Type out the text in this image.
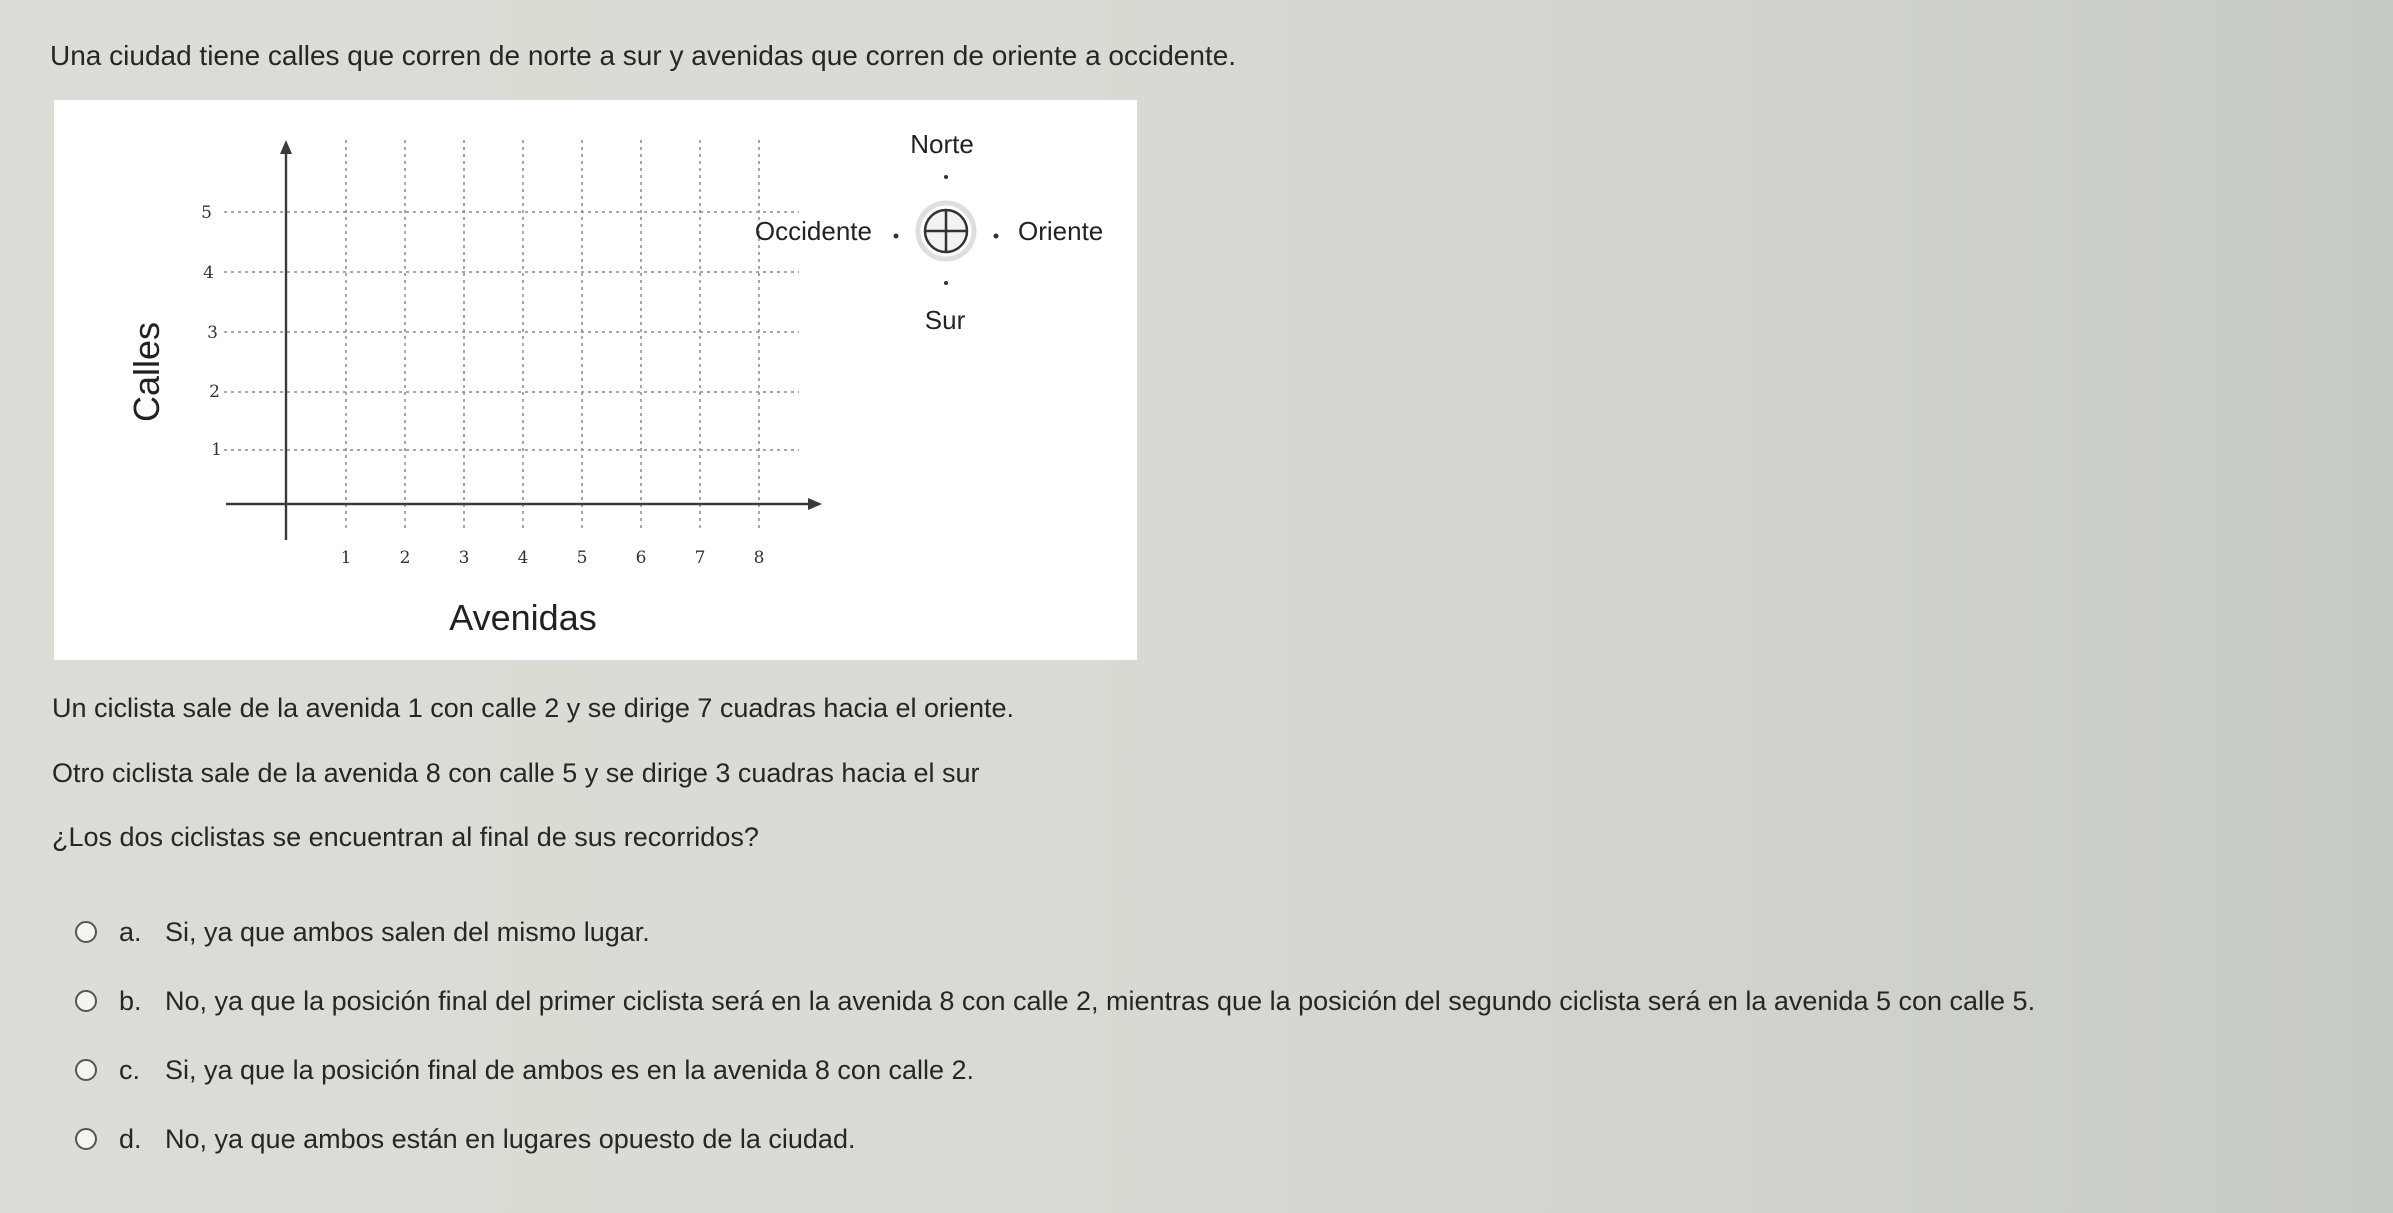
Una ciudad tiene calles que corren de norte a sur y avenidas que corren de oriente a occidente.

5
4
3
2
1
1	2	3	4	5	6	7	8
Calles
Avenidas
Norte
Occidente	Oriente
Sur

Un ciclista sale de la avenida 1 con calle 2 y se dirige 7 cuadras hacia el oriente.

Otro ciclista sale de la avenida 8 con calle 5 y se dirige 3 cuadras hacia el sur

¿Los dos ciclistas se encuentran al final de sus recorridos?

a. Si, ya que ambos salen del mismo lugar.
b. No, ya que la posición final del primer ciclista será en la avenida 8 con calle 2, mientras que la posición del segundo ciclista será en la avenida 5 con calle 5.
c. Si, ya que la posición final de ambos es en la avenida 8 con calle 2.
d. No, ya que ambos están en lugares opuesto de la ciudad.
